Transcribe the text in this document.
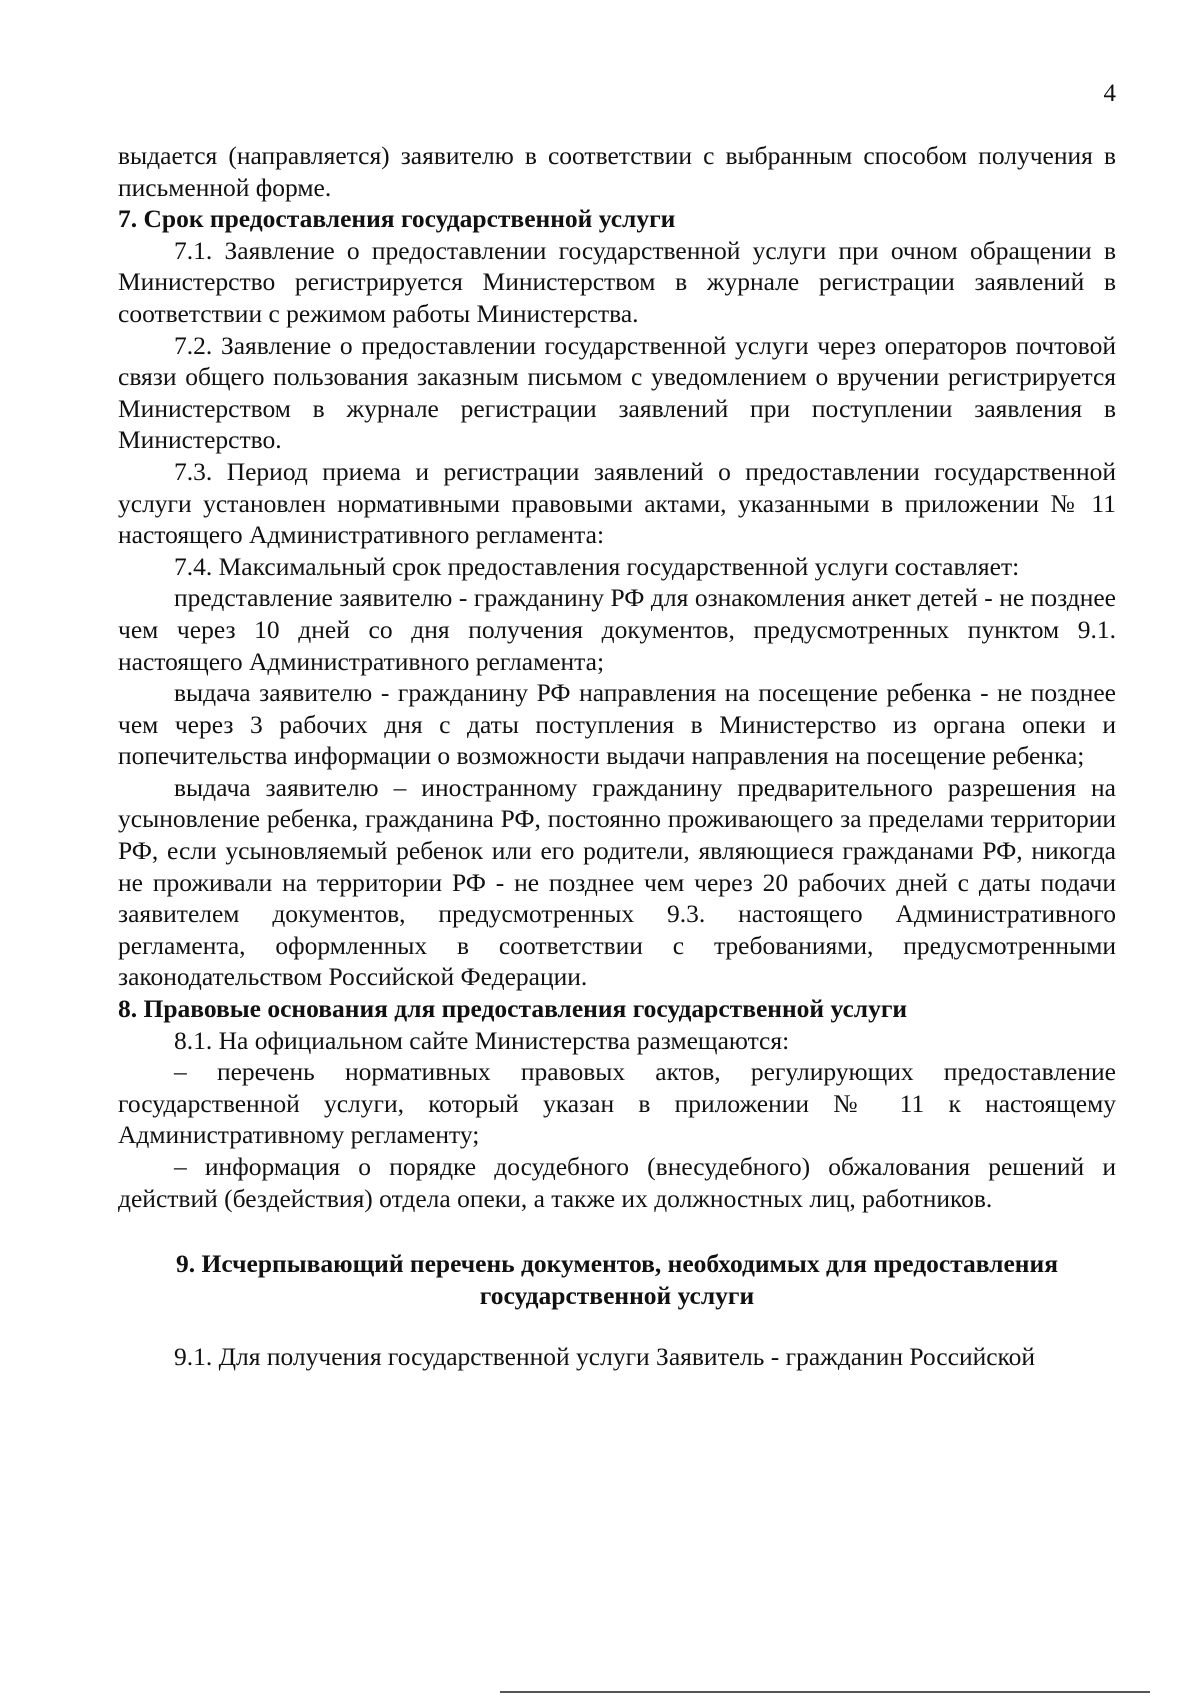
4

выдается (направляется) заявителю в соответствии с выбранным способом получения в письменной форме.

7. Срок предоставления государственной услуги

7.1. Заявление о предоставлении государственной услуги при очном обращении в Министерство регистрируется Министерством в журнале регистрации заявлений в соответствии с режимом работы Министерства.

7.2. Заявление о предоставлении государственной услуги через операторов почтовой связи общего пользования заказным письмом с уведомлением о вручении регистрируется Министерством в журнале регистрации заявлений при поступлении заявления в Министерство.

7.3. Период приема и регистрации заявлений о предоставлении государственной услуги установлен нормативными правовыми актами, указанными в приложении № 11 настоящего Административного регламента:

7.4. Максимальный срок предоставления государственной услуги составляет:

представление заявителю - гражданину РФ для ознакомления анкет детей - не позднее чем через 10 дней со дня получения документов, предусмотренных пунктом 9.1. настоящего Административного регламента;

выдача заявителю - гражданину РФ направления на посещение ребенка - не позднее чем через 3 рабочих дня с даты поступления в Министерство из органа опеки и попечительства информации о возможности выдачи направления на посещение ребенка;

выдача заявителю – иностранному гражданину предварительного разрешения на усыновление ребенка, гражданина РФ, постоянно проживающего за пределами территории РФ, если усыновляемый ребенок или его родители, являющиеся гражданами РФ, никогда не проживали на территории РФ - не позднее чем через 20 рабочих дней с даты подачи заявителем документов, предусмотренных 9.3. настоящего Административного регламента, оформленных в соответствии с требованиями, предусмотренными законодательством Российской Федерации.

8. Правовые основания для предоставления государственной услуги

8.1. На официальном сайте Министерства размещаются:

– перечень нормативных правовых актов, регулирующих предоставление государственной услуги, который указан в приложении № 11 к настоящему Административному регламенту;

– информация о порядке досудебного (внесудебного) обжалования решений и действий (бездействия) отдела опеки, а также их должностных лиц, работников.

9. Исчерпывающий перечень документов, необходимых для предоставления
государственной услуги

9.1. Для получения государственной услуги Заявитель - гражданин Российской
